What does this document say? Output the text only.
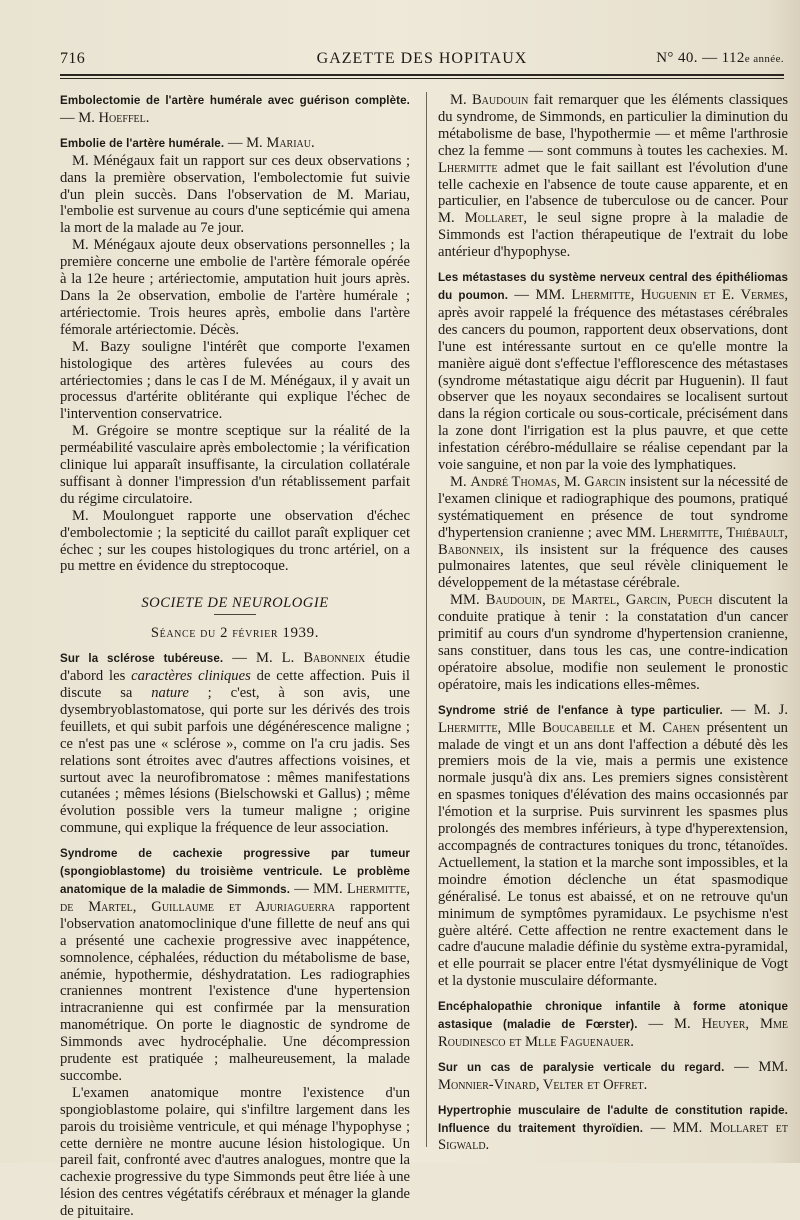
716	GAZETTE DES HOPITAUX	N° 40. — 112e année.

Embolectomie de l'artère humérale avec guérison complète. — M. Hoeffel.

Embolie de l'artère humérale. — M. Mariau.

M. Ménégaux fait un rapport sur ces deux observations ; dans la première observation, l'embolectomie fut suivie d'un plein succès. Dans l'observation de M. Mariau, l'embolie est survenue au cours d'une septicémie qui amena la mort de la malade au 7e jour.

M. Ménégaux ajoute deux observations personnelles ; la première concerne une embolie de l'artère fémorale opérée à la 12e heure ; artériectomie, amputation huit jours après. Dans la 2e observation, embolie de l'artère humérale ; artériectomie. Trois heures après, embolie dans l'artère fémorale artériectomie. Décès.

M. Bazy souligne l'intérêt que comporte l'examen histologique des artères fulevées au cours des artériectomies ; dans le cas I de M. Ménégaux, il y avait un processus d'artérite oblitérante qui explique l'échec de l'intervention conservatrice.

M. Grégoire se montre sceptique sur la réalité de la perméabilité vasculaire après embolectomie ; la vérification clinique lui apparaît insuffisante, la circulation collatérale suffisant à donner l'impression d'un rétablissement parfait du régime circulatoire.

M. Moulonguet rapporte une observation d'échec d'embolectomie ; la septicité du caillot paraît expliquer cet échec ; sur les coupes histologiques du tronc artériel, on a pu mettre en évidence du streptocoque.

SOCIETE DE NEUROLOGIE

Séance du 2 février 1939.

Sur la sclérose tubéreuse. — M. L. Babonneix étudie d'abord les caractères cliniques de cette affection. Puis il discute sa nature ; c'est, à son avis, une dysembryoblastomatose, qui porte sur les dérivés des trois feuillets, et qui subit parfois une dégénérescence maligne ; ce n'est pas une « sclérose », comme on l'a cru jadis. Ses relations sont étroites avec d'autres affections voisines, et surtout avec la neurofibromatose : mêmes manifestations cutanées ; mêmes lésions (Bielschowski et Gallus) ; même évolution possible vers la tumeur maligne ; origine commune, qui explique la fréquence de leur association.

Syndrome de cachexie progressive par tumeur (spongioblastome) du troisième ventricule. Le problème anatomique de la maladie de Simmonds. — MM. Lhermitte, de Martel, Guillaume et Ajuriaguerra rapportent l'observation anatomoclinique d'une fillette de neuf ans qui a présenté une cachexie progressive avec inappétence, somnolence, céphalées, réduction du métabolisme de base, anémie, hypothermie, déshydratation. Les radiographies craniennes montrent l'existence d'une hypertension intracranienne qui est confirmée par la mensuration manométrique. On porte le diagnostic de syndrome de Simmonds avec hydrocéphalie. Une décompression prudente est pratiquée ; malheureusement, la malade succombe.

L'examen anatomique montre l'existence d'un spongioblastome polaire, qui s'infiltre largement dans les parois du troisième ventricule, et qui ménage l'hypophyse ; cette dernière ne montre aucune lésion histologique. Un pareil fait, confronté avec d'autres analogues, montre que la cachexie progressive du type Simmonds peut être liée à une lésion des centres végétatifs cérébraux et ménager la glande de pituitaire.

M. Baudouin fait remarquer que les éléments classiques du syndrome, de Simmonds, en particulier la diminution du métabolisme de base, l'hypothermie — et même l'arthrosie chez la femme — sont communs à toutes les cachexies. M. Lhermitte admet que le fait saillant est l'évolution d'une telle cachexie en l'absence de toute cause apparente, et en particulier, en l'absence de tuberculose ou de cancer. Pour M. Mollaret, le seul signe propre à la maladie de Simmonds est l'action thérapeutique de l'extrait du lobe antérieur d'hypophyse.

Les métastases du système nerveux central des épithéliomas du poumon. — MM. Lhermitte, Huguenin et E. Vermes, après avoir rappelé la fréquence des métastases cérébrales des cancers du poumon, rapportent deux observations, dont l'une est intéressante surtout en ce qu'elle montre la manière aiguë dont s'effectue l'efflorescence des métastases (syndrome métastatique aigu décrit par Huguenin). Il faut observer que les noyaux secondaires se localisent surtout dans la région corticale ou sous-corticale, précisément dans la zone dont l'irrigation est la plus pauvre, et que cette infestation cérébro-médullaire se réalise cependant par la voie sanguine, et non par la voie des lymphatiques.

M. André Thomas, M. Garcin insistent sur la nécessité de l'examen clinique et radiographique des poumons, pratiqué systématiquement en présence de tout syndrome d'hypertension cranienne ; avec MM. Lhermitte, Thiébault, Babonneix, ils insistent sur la fréquence des causes pulmonaires latentes, que seul révèle cliniquement le développement de la métastase cérébrale.

MM. Baudouin, de Martel, Garcin, Puech discutent la conduite pratique à tenir : la constatation d'un cancer primitif au cours d'un syndrome d'hypertension cranienne, sans constituer, dans tous les cas, une contre-indication opératoire absolue, modifie non seulement le pronostic opératoire, mais les indications elles-mêmes.

Syndrome strié de l'enfance à type particulier. — M. J. Lhermitte, Mlle Boucabeille et M. Cahen présentent un malade de vingt et un ans dont l'affection a débuté dès les premiers mois de la vie, mais a permis une existence normale jusqu'à dix ans. Les premiers signes consistèrent en spasmes toniques d'élévation des mains occasionnés par l'émotion et la surprise. Puis survinrent les spasmes plus prolongés des membres inférieurs, à type d'hyperextension, accompagnés de contractures toniques du tronc, tétanoïdes. Actuellement, la station et la marche sont impossibles, et la moindre émotion déclenche un état spasmodique généralisé. Le tonus est abaissé, et on ne retrouve qu'un minimum de symptômes pyramidaux. Le psychisme n'est guère altéré. Cette affection ne rentre exactement dans le cadre d'aucune maladie définie du système extra-pyramidal, et elle pourrait se placer entre l'état dysmyélinique de Vogt et la dystonie musculaire déformante.

Encéphalopathie chronique infantile à forme atonique astasique (maladie de Fœrster). — M. Heuyer, Mme Roudinesco et Mlle Faguenauer.

Sur un cas de paralysie verticale du regard. — MM. Monnier-Vinard, Velter et Offret.

Hypertrophie musculaire de l'adulte de constitution rapide. Influence du traitement thyroïdien. — MM. Mollaret et Sigwald.
